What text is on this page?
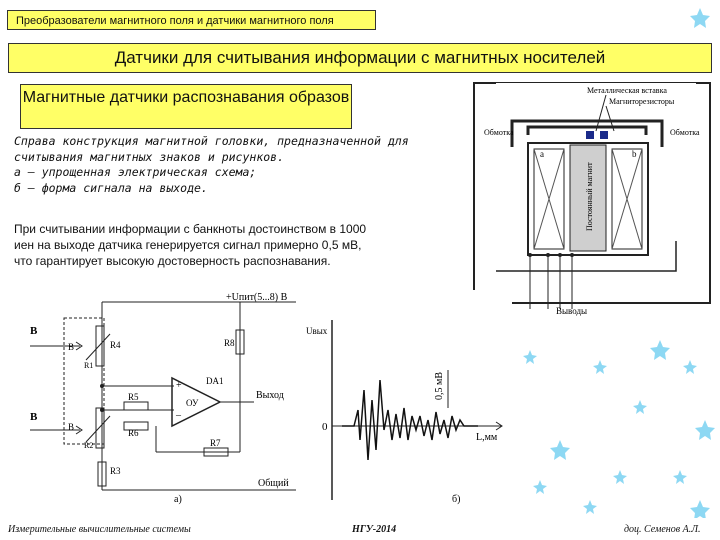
Преобразователи магнитного поля и датчики магнитного поля
Датчики для считывания информации с магнитных носителей
Магнитные датчики распознавания образов
Справа конструкция магнитной головки, предназначенной для
считывания магнитных знаков и рисунков.
а – упрощенная электрическая схема;
б – форма сигнала на выходе.
При считывании информации с банкноты достоинством в 1000
иен на выходе датчика генерируется сигнал примерно 0,5 мВ,
что гарантирует высокую достоверность распознавания.
Металлическая вставка
Магниторезисторы
Обмотка	Обмотка
Постоянный магнит
a	b
Выводы
+Uпит(5...8) В
B
B
B
B
R1
R2
R4
R3
R5
R6
+
–
ОУ
DA1
Выход
R8
R7
Общий
а)
Uвых
0,5 мВ
0
L,мм
б)
Измерительные вычислительные системы	НГУ-2014	доц. Семенов А.Л.
